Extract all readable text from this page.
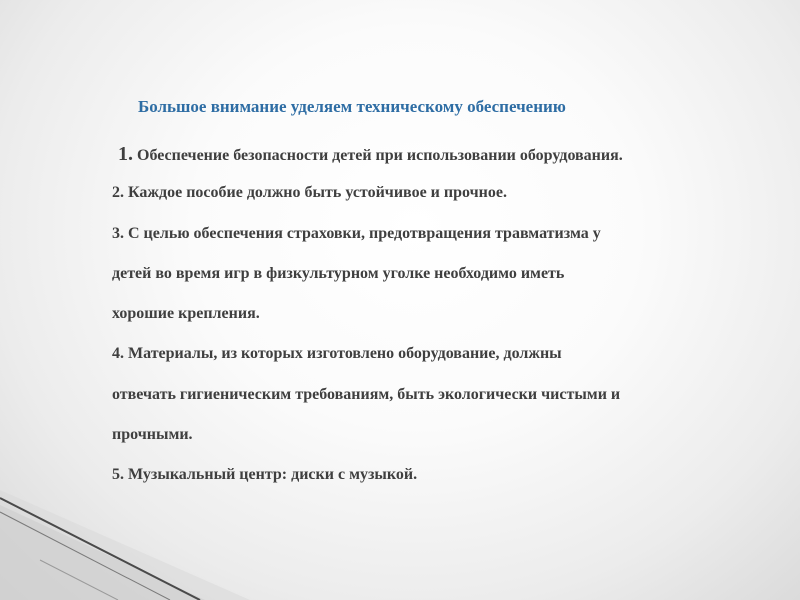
Большое внимание уделяем техническому обеспечению

1. Обеспечение безопасности детей при использовании оборудования.

2. Каждое пособие должно быть устойчивое и прочное.

3. С целью обеспечения страховки, предотвращения травматизма у

детей во время игр в физкультурном уголке необходимо иметь

хорошие крепления.

4. Материалы, из которых изготовлено оборудование, должны

отвечать гигиеническим требованиям, быть экологически чистыми и

прочными.

5. Музыкальный центр: диски с музыкой.
